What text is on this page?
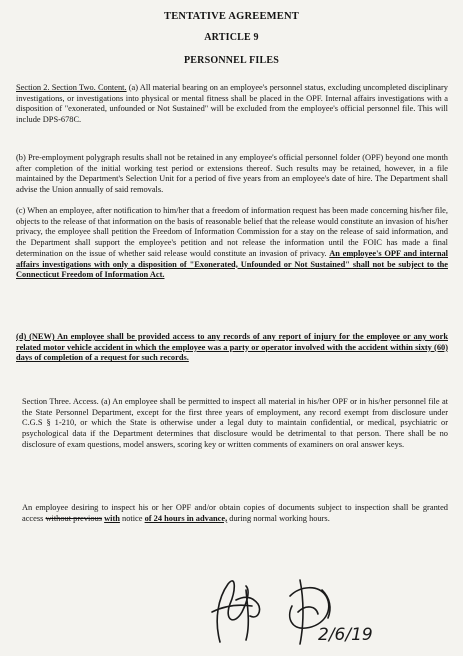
TENTATIVE AGREEMENT
ARTICLE 9
PERSONNEL FILES
Section 2. Section Two. Content. (a) All material bearing on an employee's personnel status, excluding uncompleted disciplinary investigations, or investigations into physical or mental fitness shall be placed in the OPF. Internal affairs investigations with a disposition of "exonerated, unfounded or Not Sustained" will be excluded from the employee's official personnel file. This will include DPS-678C.
(b) Pre-employment polygraph results shall not be retained in any employee's official personnel folder (OPF) beyond one month after completion of the initial working test period or extensions thereof. Such results may be retained, however, in a file maintained by the Department's Selection Unit for a period of five years from an employee's date of hire. The Department shall advise the Union annually of said removals.
(c) When an employee, after notification to him/her that a freedom of information request has been made concerning his/her file, objects to the release of that information on the basis of reasonable belief that the release would constitute an invasion of his/her privacy, the employee shall petition the Freedom of Information Commission for a stay on the release of said information, and the Department shall support the employee's petition and not release the information until the FOIC has made a final determination on the issue of whether said release would constitute an invasion of privacy. An employee's OPF and internal affairs investigations with only a disposition of "Exonerated, Unfounded or Not Sustained" shall not be subject to the Connecticut Freedom of Information Act.
(d) (NEW) An employee shall be provided access to any records of any report of injury for the employee or any work related motor vehicle accident in which the employee was a party or operator involved with the accident within sixty (60) days of completion of a request for such records.
Section Three. Access. (a) An employee shall be permitted to inspect all material in his/her OPF or in his/her personnel file at the State Personnel Department, except for the first three years of employment, any record exempt from disclosure under C.G.S § 1-210, or which the State is otherwise under a legal duty to maintain confidential, or medical, psychiatric or psychological data if the Department determines that disclosure would be detrimental to that person. There shall be no disclosure of exam questions, model answers, scoring key or written comments of examiners on oral answer keys.
An employee desiring to inspect his or her OPF and/or obtain copies of documents subject to inspection shall be granted access without previous with notice of 24 hours in advance, during normal working hours.
2/6/19
